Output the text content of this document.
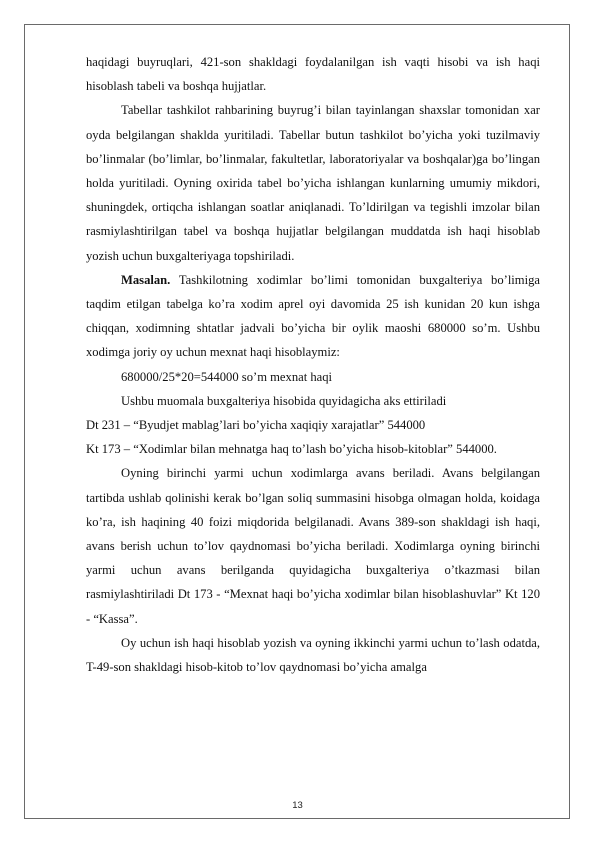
haqidagi buyruqlari, 421-son shakldagi foydalanilgan ish vaqti hisobi va ish haqi hisoblash tabeli va boshqa hujjatlar.

Tabellar tashkilot rahbarining buyrug’i bilan tayinlangan shaxslar tomonidan xar oyda belgilangan shaklda yuritiladi. Tabellar butun tashkilot bo’yicha yoki tuzilmaviy bo’linmalar (bo’limlar, bo’linmalar, fakultetlar, laboratoriyalar va boshqalar)ga bo’lingan holda yuritiladi. Oyning oxirida tabel bo’yicha ishlangan kunlarning umumiy mikdori, shuningdek, ortiqcha ishlangan soatlar aniqlanadi. To’ldirilgan va tegishli imzolar bilan rasmiylashtirilgan tabel va boshqa hujjatlar belgilangan muddatda ish haqi hisoblab yozish uchun buxgalteriyaga topshiriladi.

Masalan. Tashkilotning xodimlar bo’limi tomonidan buxgalteriya bo’limiga taqdim etilgan tabelga ko’ra xodim aprel oyi davomida 25 ish kunidan 20 kun ishga chiqqan, xodimning shtatlar jadvali bo’yicha bir oylik maoshi 680000 so’m. Ushbu xodimga joriy oy uchun mexnat haqi hisoblaymiz:

680000/25*20=544000 so’m mexnat haqi

Ushbu muomala buxgalteriya hisobida quyidagicha aks ettiriladi

Dt 231 – “Byudjet mablag’lari bo’yicha xaqiqiy xarajatlar” 544000

Kt 173 – “Xodimlar bilan mehnatga haq to’lash bo’yicha hisob-kitoblar” 544000.

Oyning birinchi yarmi uchun xodimlarga avans beriladi. Avans belgilangan tartibda ushlab qolinishi kerak bo’lgan soliq summasini hisobga olmagan holda, koidaga ko’ra, ish haqining 40 foizi miqdorida belgilanadi. Avans 389-son shakldagi ish haqi, avans berish uchun to’lov qaydnomasi bo’yicha beriladi. Xodimlarga oyning birinchi yarmi uchun avans berilganda quyidagicha buxgalteriya o’tkazmasi bilan rasmiylashtiriladi Dt 173 - “Mexnat haqi bo’yicha xodimlar bilan hisoblashuvlar” Kt 120 - “Kassa”.

Oy uchun ish haqi hisoblab yozish va oyning ikkinchi yarmi uchun to’lash odatda, T-49-son shakldagi hisob-kitob to’lov qaydnomasi bo’yicha amalga

13
